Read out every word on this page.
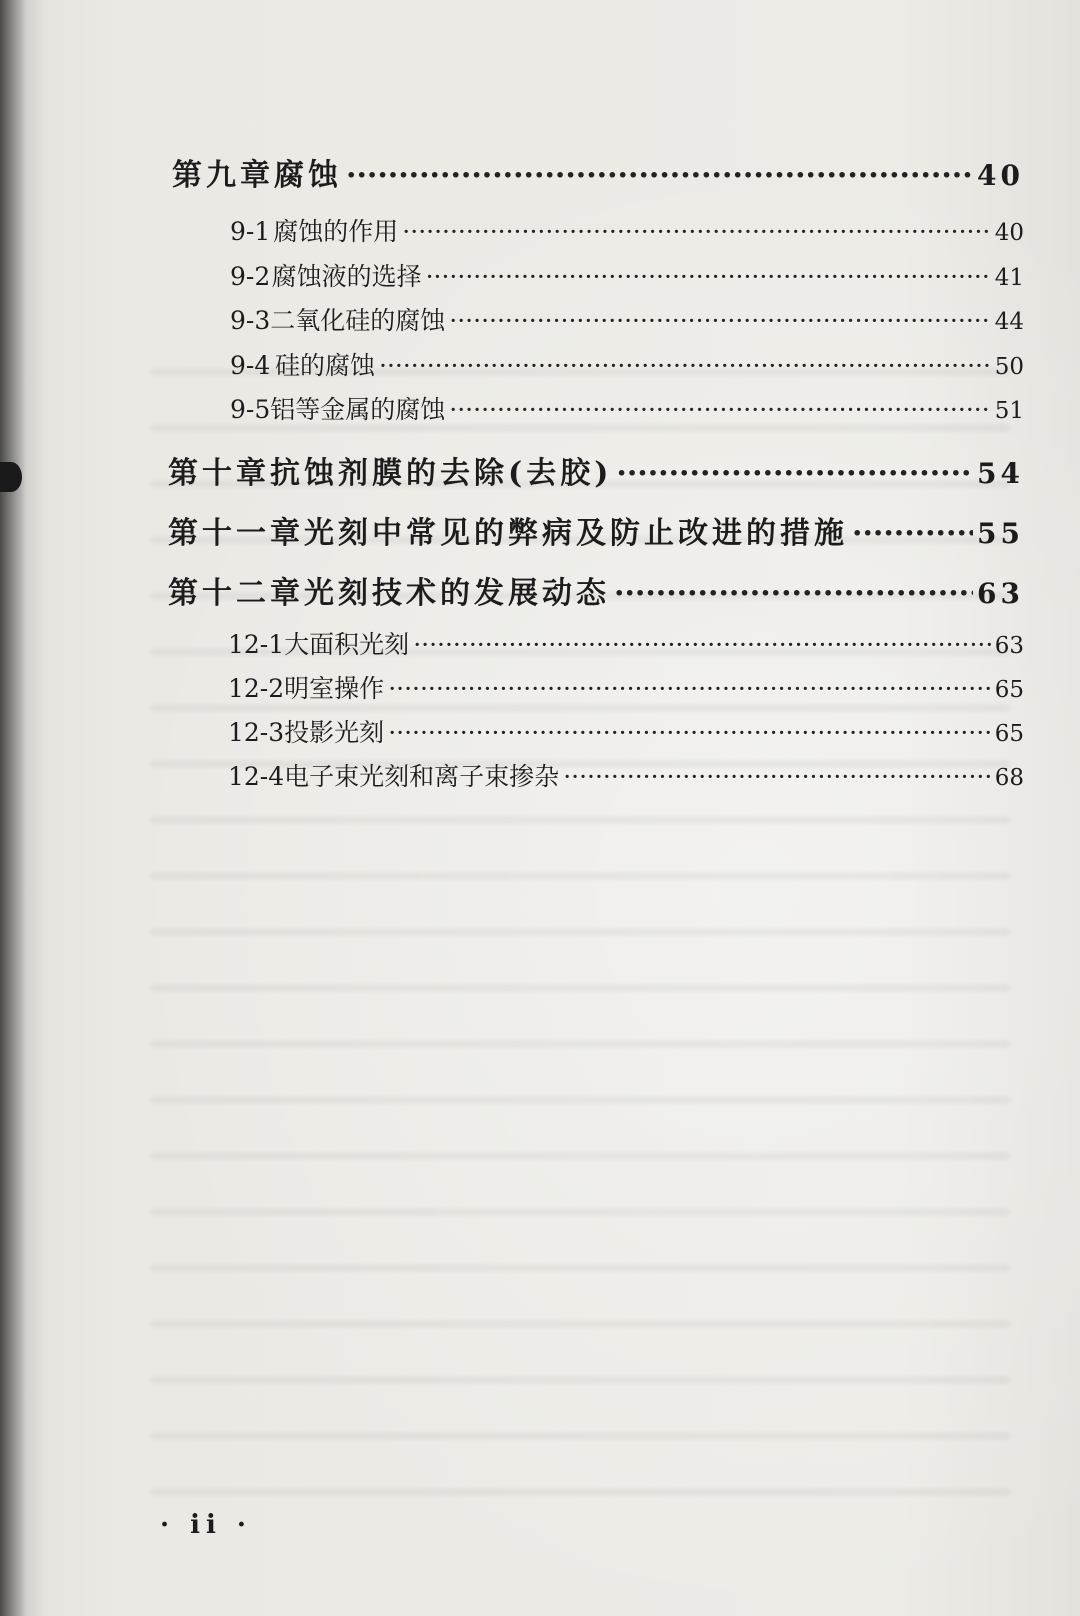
第九章 腐蚀 ·····	40
9-1 腐蚀的作用 ·····	40
9-2 腐蚀液的选择 ·····	41
9-3 二氧化硅的腐蚀 ·····	44
9-4 硅的腐蚀 ·····	50
9-5 铝等金属的腐蚀 ·····	51
第十章 抗蚀剂膜的去除(去胶) ·····	54
第十一章 光刻中常见的弊病及防止改进的措施 ·····	55
第十二章 光刻技术的发展动态 ·····	63
12-1 大面积光刻 ·····	63
12-2 明室操作 ·····	65
12-3 投影光刻 ·····	65
12-4 电子束光刻和离子束掺杂 ·····	68
· ii ·
